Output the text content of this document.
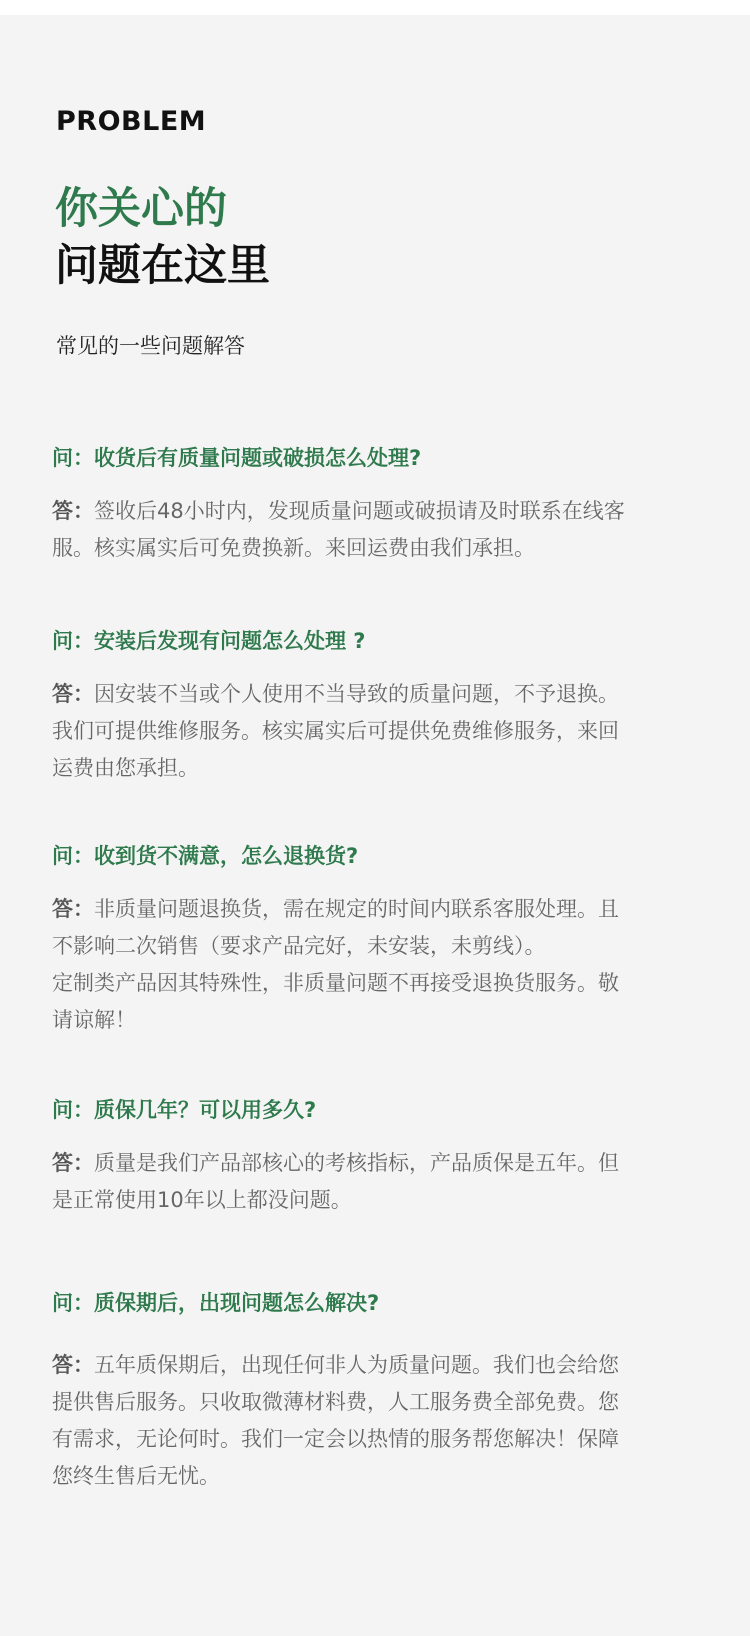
PROBLEM
你关心的
问题在这里
常见的一些问题解答
问：收货后有质量问题或破损怎么处理?
答：签收后48小时内，发现质量问题或破损请及时联系在线客
服。核实属实后可免费换新。来回运费由我们承担。
问：安装后发现有问题怎么处理 ?
答：因安装不当或个人使用不当导致的质量问题，不予退换。
我们可提供维修服务。核实属实后可提供免费维修服务，来回
运费由您承担。
问：收到货不满意，怎么退换货?
答：非质量问题退换货，需在规定的时间内联系客服处理。且
不影响二次销售（要求产品完好，未安装，未剪线）。
定制类产品因其特殊性，非质量问题不再接受退换货服务。敬
请谅解！
问：质保几年？可以用多久?
答：质量是我们产品部核心的考核指标，产品质保是五年。但
是正常使用10年以上都没问题。
问：质保期后，出现问题怎么解决?
答：五年质保期后，出现任何非人为质量问题。我们也会给您
提供售后服务。只收取微薄材料费，人工服务费全部免费。您
有需求，无论何时。我们一定会以热情的服务帮您解决！保障
您终生售后无忧。
